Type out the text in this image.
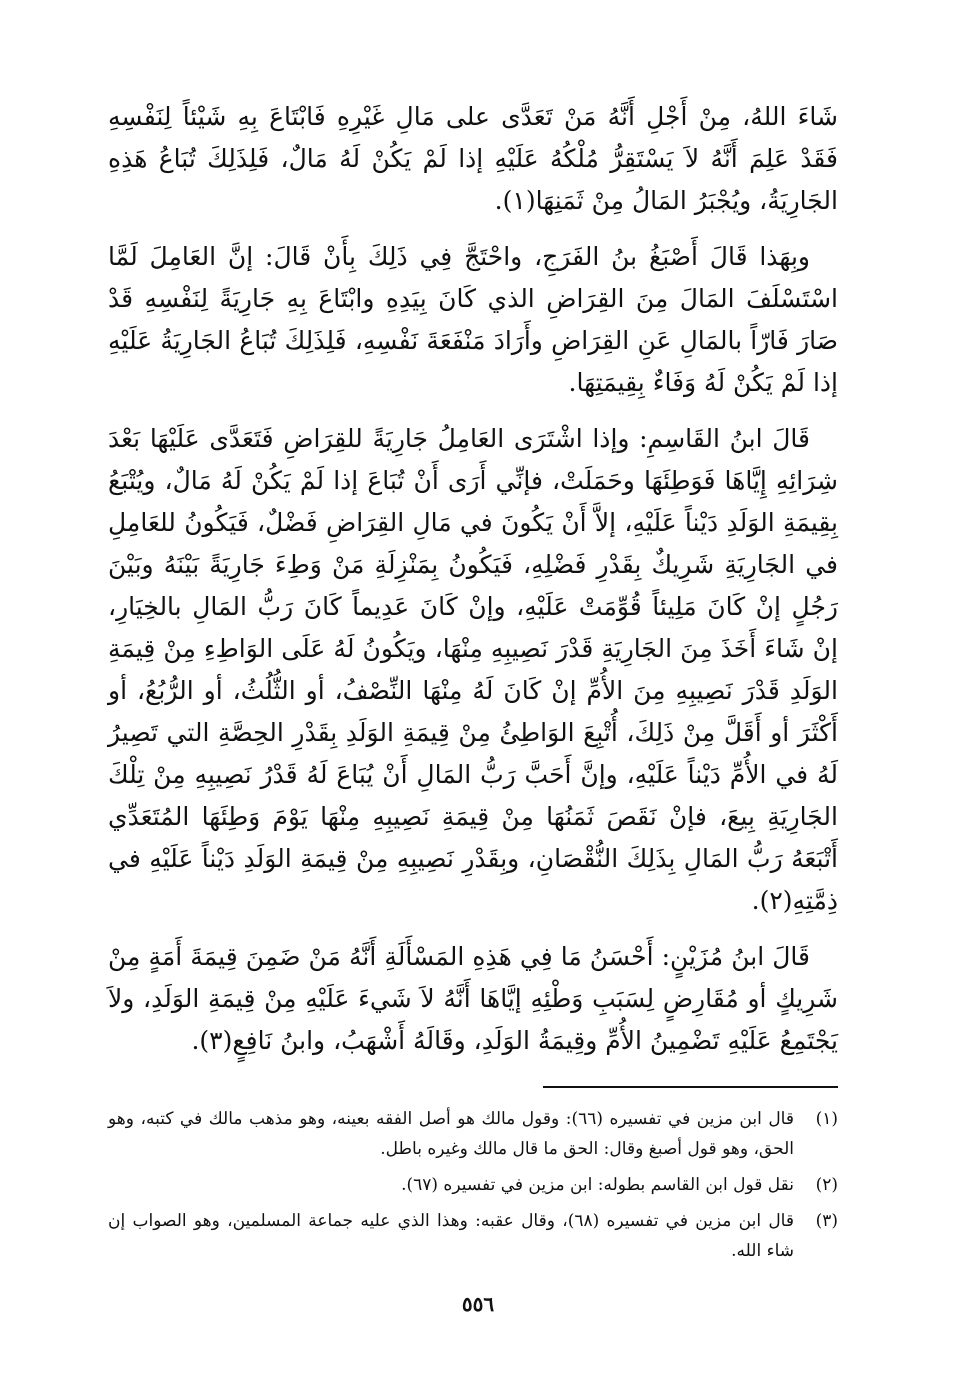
شَاءَ اللهُ، مِنْ أَجْلِ أَنَّهُ مَنْ تَعَدَّى على مَالِ غَيْرِهِ فَابْتَاعَ بِهِ شَيْئاً لِنَفْسِهِ فَقَدْ عَلِمَ أَنَّهُ لاَ يَسْتَقِرُّ مُلْكُهُ عَلَيْهِ إذا لَمْ يَكُنْ لَهُ مَالٌ، فَلِذَلِكَ تُبَاعُ هَذِهِ الجَارِيَةُ، ويُجْبَرُ المَالُ مِنْ ثَمَنِهَا(١).

وبِهَذا قَالَ أَصْبَغُ بنُ الفَرَجِ، واحْتَجَّ فِي ذَلِكَ بِأَنْ قَالَ: إنَّ العَامِلَ لَمَّا اسْتَسْلَفَ المَالَ مِنَ القِرَاضِ الذي كَانَ بِيَدِهِ وابْتَاعَ بِهِ جَارِيَةً لِنَفْسِهِ قَدْ صَارَ فَارّاً بالمَالِ عَنِ القِرَاضِ وأَرَادَ مَنْفَعَةَ نَفْسِهِ، فَلِذَلِكَ تُبَاعُ الجَارِيَةُ عَلَيْهِ إذا لَمْ يَكُنْ لَهُ وَفَاءٌ بِقِيمَتِهَا.

قَالَ ابنُ القَاسِمِ: وإذا اشْتَرَى العَامِلُ جَارِيَةً للقِرَاضِ فَتَعَدَّى عَلَيْهَا بَعْدَ شِرَائِهِ إِيَّاهَا فَوَطِئَهَا وحَمَلَتْ، فإنِّي أَرَى أَنْ تُبَاعَ إذا لَمْ يَكُنْ لَهُ مَالٌ، ويُتْبَعُ بِقِيمَةِ الوَلَدِ دَيْناً عَلَيْهِ، إلاَّ أَنْ يَكُونَ في مَالِ القِرَاضِ فَضْلٌ، فَيَكُونُ للعَامِلِ في الجَارِيَةِ شَرِيكٌ بِقَدْرِ فَضْلِهِ، فَيَكُونُ بِمَنْزِلَةِ مَنْ وَطِءَ جَارِيَةً بَيْنَهُ وبَيْنَ رَجُلٍ إنْ كَانَ مَلِيئاً قُوِّمَتْ عَلَيْهِ، وإنْ كَانَ عَدِيماً كَانَ رَبُّ المَالِ بالخِيَارِ، إنْ شَاءَ أَخَذَ مِنَ الجَارِيَةِ قَدْرَ نَصِيبِهِ مِنْهَا، ويَكُونُ لَهُ عَلَى الوَاطِءِ مِنْ قِيمَةِ الوَلَدِ قَدْرَ نَصِيبِهِ مِنَ الأُمِّ إنْ كَانَ لَهُ مِنْهَا النِّصْفُ، أو الثُّلُثُ، أو الرُّبُعُ، أو أَكْثَرَ أو أَقَلَّ مِنْ ذَلِكَ، أُتْبِعَ الوَاطِئُ مِنْ قِيمَةِ الوَلَدِ بِقَدْرِ الحِصَّةِ التي تَصِيرُ لَهُ في الأُمِّ دَيْناً عَلَيْهِ، وإنَّ أَحَبَّ رَبُّ المَالِ أَنْ يُبَاعَ لَهُ قَدْرُ نَصِيبِهِ مِنْ تِلْكَ الجَارِيَةِ بِيعَ، فإنْ نَقَصَ ثَمَنُهَا مِنْ قِيمَةِ نَصِيبِهِ مِنْهَا يَوْمَ وَطِئَهَا المُتَعَدِّي أَتْبَعَهُ رَبُّ المَالِ بِذَلِكَ النُّقْصَانِ، وبِقَدْرِ نَصِيبِهِ مِنْ قِيمَةِ الوَلَدِ دَيْناً عَلَيْهِ في ذِمَّتِهِ(٢).

قَالَ ابنُ مُزَيْنٍ: أَحْسَنُ مَا فِي هَذِهِ المَسْأَلَةِ أَنَّهُ مَنْ ضَمِنَ قِيمَةَ أَمَةٍ مِنْ شَرِيكٍ أو مُقَارِضٍ لِسَبَبِ وَطْئِهِ إيَّاهَا أَنَّهُ لاَ شَيءَ عَلَيْهِ مِنْ قِيمَةِ الوَلَدِ، ولاَ يَجْتَمِعُ عَلَيْهِ تَضْمِينُ الأُمِّ وقِيمَةُ الوَلَدِ، وقَالَهُ أَشْهَبُ، وابنُ نَافِعٍ(٣).

(١)
قال ابن مزين في تفسيره (٦٦): وقول مالك هو أصل الفقه بعينه، وهو مذهب مالك في كتبه، وهو الحق، وهو قول أصبغ وقال: الحق ما قال مالك وغيره باطل.
(٢)
نقل قول ابن القاسم بطوله: ابن مزين في تفسيره (٦٧).
(٣)
قال ابن مزين في تفسيره (٦٨)، وقال عقبه: وهذا الذي عليه جماعة المسلمين، وهو الصواب إن شاء الله.
٥٥٦
